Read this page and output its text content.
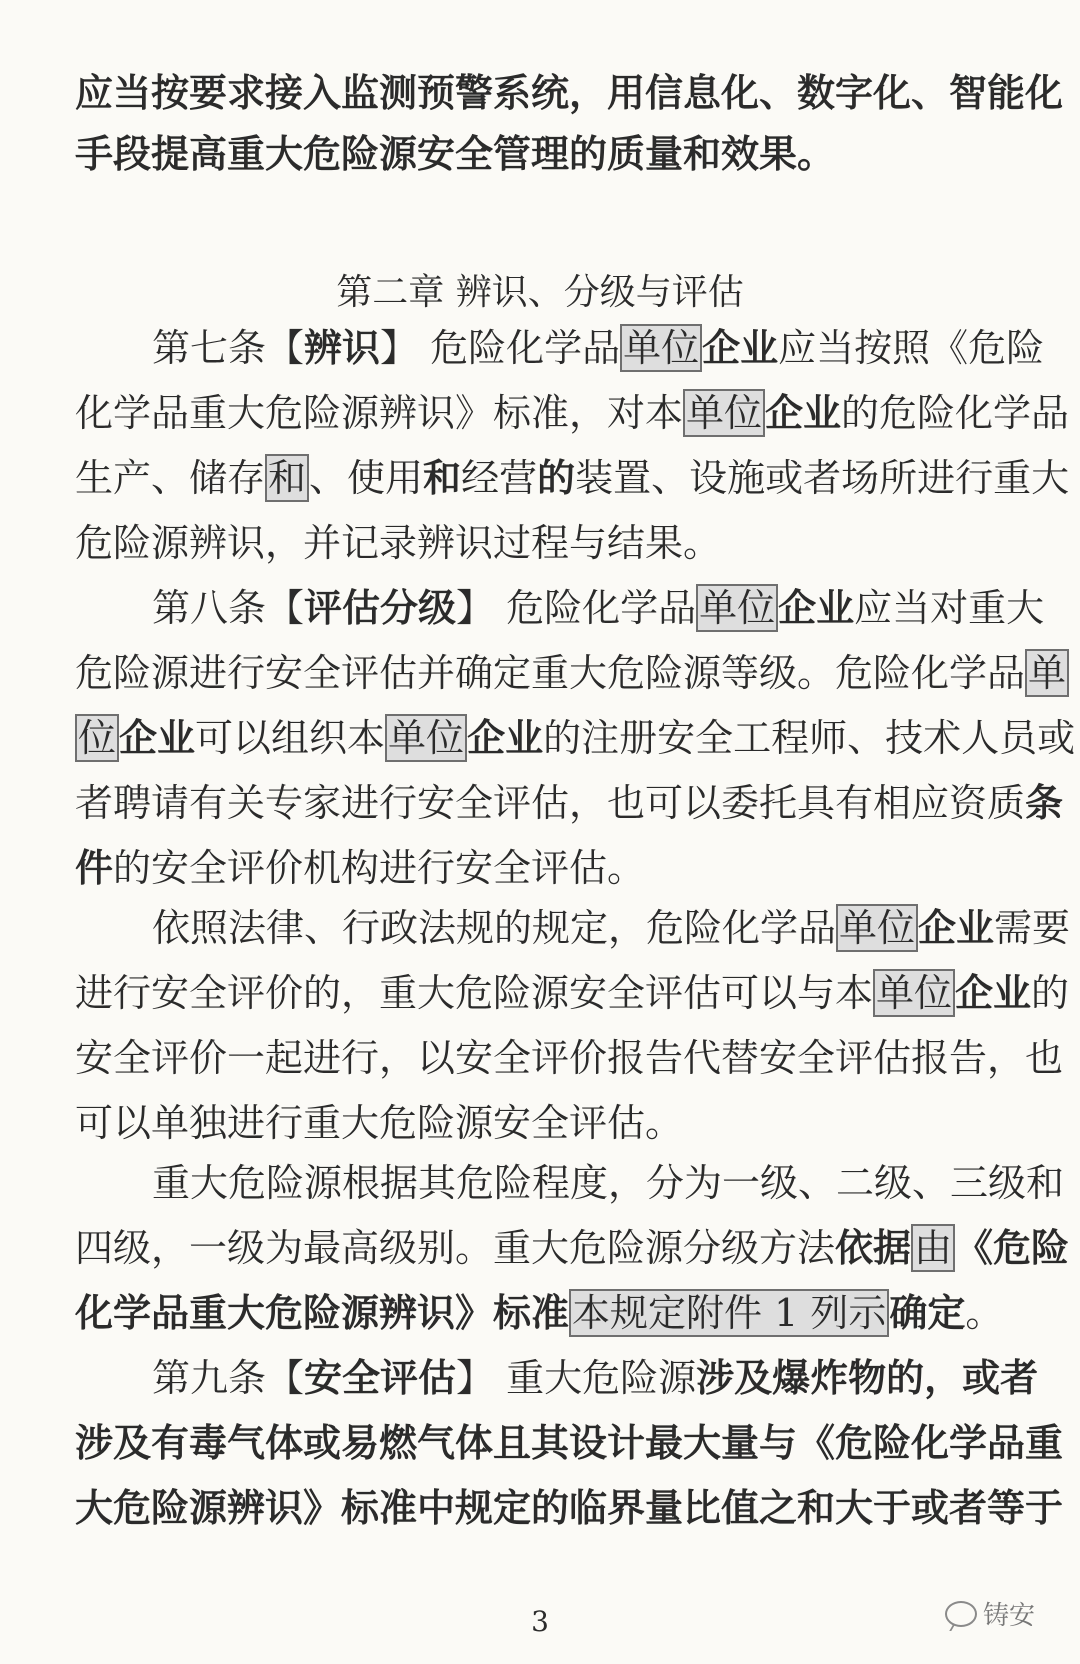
应当按要求接入监测预警系统，用信息化、数字化、智能化
手段提高重大危险源安全管理的质量和效果。
第二章 辨识、分级与评估
第七条【辨识】 危险化学品单位企业应当按照《危险
化学品重大危险源辨识》标准，对本单位企业的危险化学品
生产、储存和、使用和经营的装置、设施或者场所进行重大
危险源辨识，并记录辨识过程与结果。
第八条【评估分级】 危险化学品单位企业应当对重大
危险源进行安全评估并确定重大危险源等级。危险化学品单
位企业可以组织本单位企业的注册安全工程师、技术人员或
者聘请有关专家进行安全评估，也可以委托具有相应资质条
件的安全评价机构进行安全评估。
依照法律、行政法规的规定，危险化学品单位企业需要
进行安全评价的，重大危险源安全评估可以与本单位企业的
安全评价一起进行，以安全评价报告代替安全评估报告，也
可以单独进行重大危险源安全评估。
重大危险源根据其危险程度，分为一级、二级、三级和
四级，一级为最高级别。重大危险源分级方法依据由《危险
化学品重大危险源辨识》标准本规定附件 1 列示确定。
第九条【安全评估】 重大危险源涉及爆炸物的，或者
涉及有毒气体或易燃气体且其设计最大量与《危险化学品重
大危险源辨识》标准中规定的临界量比值之和大于或者等于
3	铸安
